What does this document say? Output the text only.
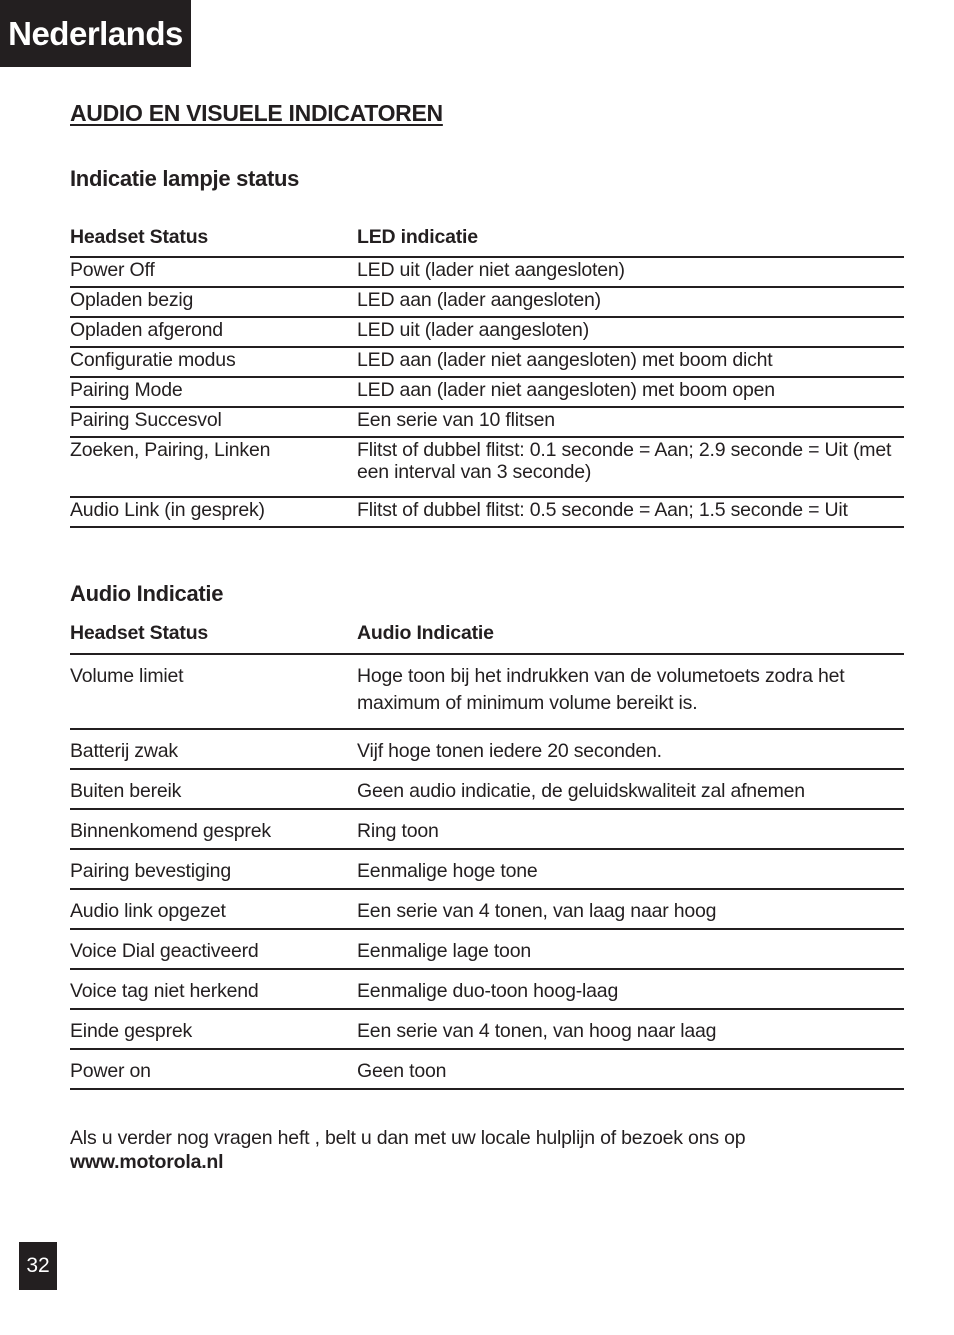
Nederlands
AUDIO EN VISUELE INDICATOREN
Indicatie lampje status
Headset Status	LED indicatie
Power Off	LED uit (lader niet aangesloten)
Opladen bezig	LED aan (lader aangesloten)
Opladen afgerond	LED uit (lader aangesloten)
Configuratie modus	LED aan (lader niet aangesloten) met boom dicht
Pairing Mode	LED aan (lader niet aangesloten) met boom open
Pairing Succesvol	Een serie van 10 flitsen
Zoeken, Pairing, Linken	Flitst of dubbel flitst: 0.1 seconde = Aan; 2.9 seconde = Uit (met een interval van 3 seconde)
Audio Link (in gesprek)	Flitst of dubbel flitst: 0.5 seconde = Aan; 1.5 seconde = Uit
Audio Indicatie
Headset Status	Audio Indicatie
Volume limiet	Hoge toon bij het indrukken van de volumetoets zodra het maximum of minimum volume bereikt is.
Batterij zwak	Vijf hoge tonen iedere 20 seconden.
Buiten bereik	Geen audio indicatie, de geluidskwaliteit zal afnemen
Binnenkomend gesprek	Ring toon
Pairing bevestiging	Eenmalige hoge tone
Audio link opgezet	Een serie van 4 tonen, van laag naar hoog
Voice Dial geactiveerd	Eenmalige lage toon
Voice tag niet herkend	Eenmalige duo-toon hoog-laag
Einde gesprek	Een serie van 4 tonen, van hoog naar laag
Power on	Geen toon

Als u verder nog vragen heft , belt u dan met uw locale hulplijn of bezoek ons op
www.motorola.nl

32
